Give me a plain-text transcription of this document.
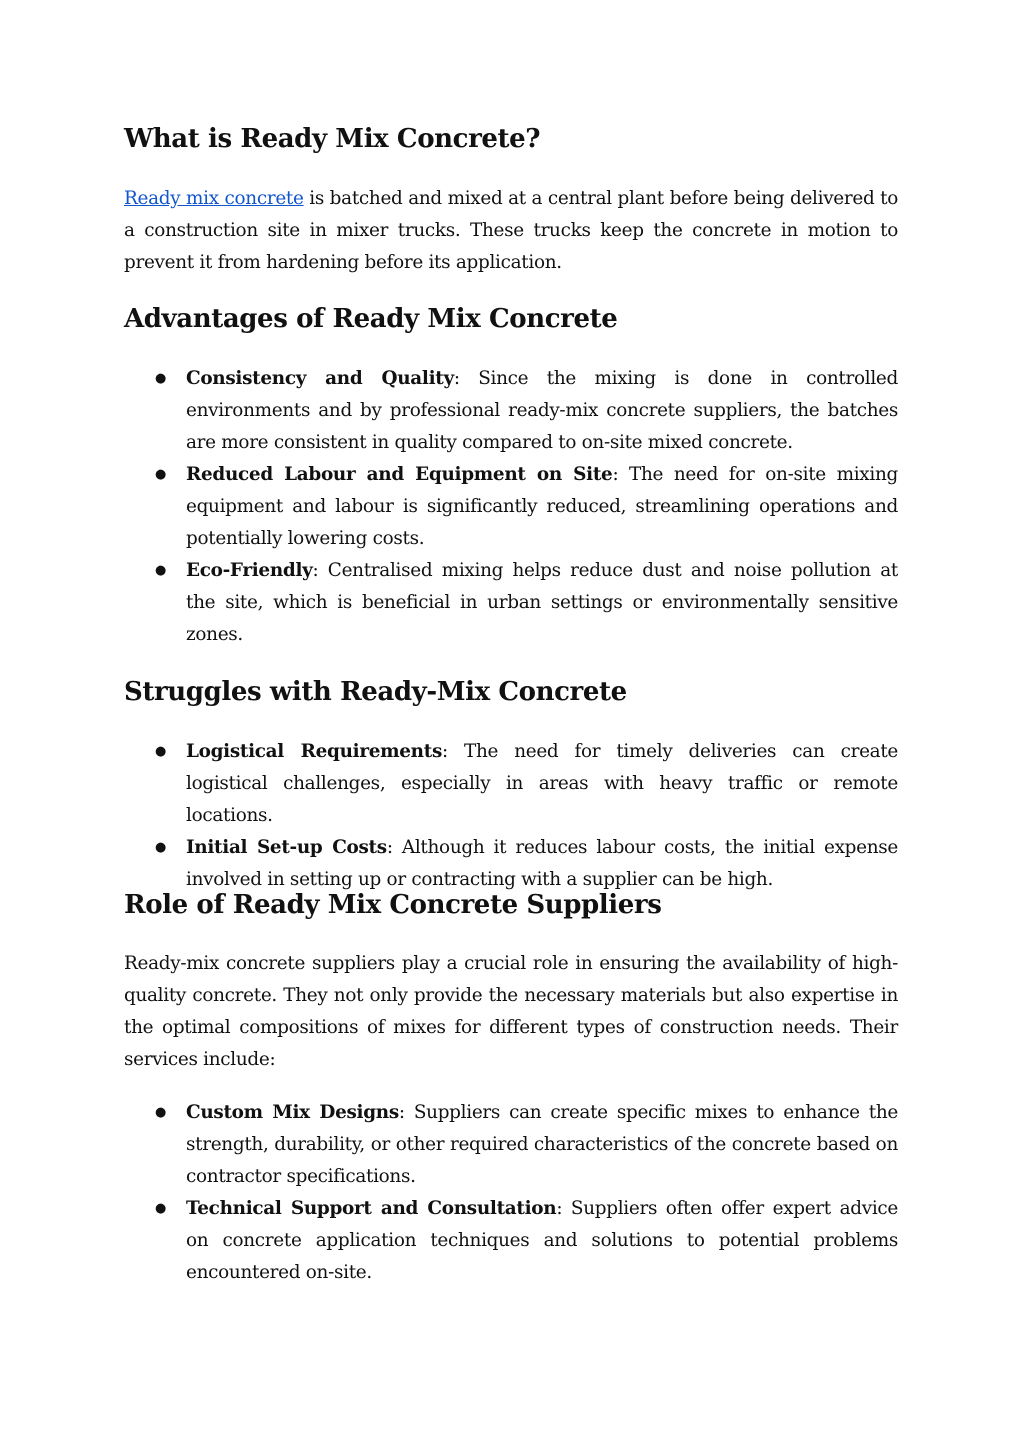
What is Ready Mix Concrete?

Ready mix concrete is batched and mixed at a central plant before being delivered to a construction site in mixer trucks. These trucks keep the concrete in motion to prevent it from hardening before its application.

Advantages of Ready Mix Concrete
● Consistency and Quality: Since the mixing is done in controlled environments and by professional ready-mix concrete suppliers, the batches are more consistent in quality compared to on-site mixed concrete.
● Reduced Labour and Equipment on Site: The need for on-site mixing equipment and labour is significantly reduced, streamlining operations and potentially lowering costs.
● Eco-Friendly: Centralised mixing helps reduce dust and noise pollution at the site, which is beneficial in urban settings or environmentally sensitive zones.
Struggles with Ready-Mix Concrete
● Logistical Requirements: The need for timely deliveries can create logistical challenges, especially in areas with heavy traffic or remote locations.
● Initial Set-up Costs: Although it reduces labour costs, the initial expense involved in setting up or contracting with a supplier can be high.
Role of Ready Mix Concrete Suppliers

Ready-mix concrete suppliers play a crucial role in ensuring the availability of high-quality concrete. They not only provide the necessary materials but also expertise in the optimal compositions of mixes for different types of construction needs. Their services include:

● Custom Mix Designs: Suppliers can create specific mixes to enhance the strength, durability, or other required characteristics of the concrete based on contractor specifications.
● Technical Support and Consultation: Suppliers often offer expert advice on concrete application techniques and solutions to potential problems encountered on-site.
